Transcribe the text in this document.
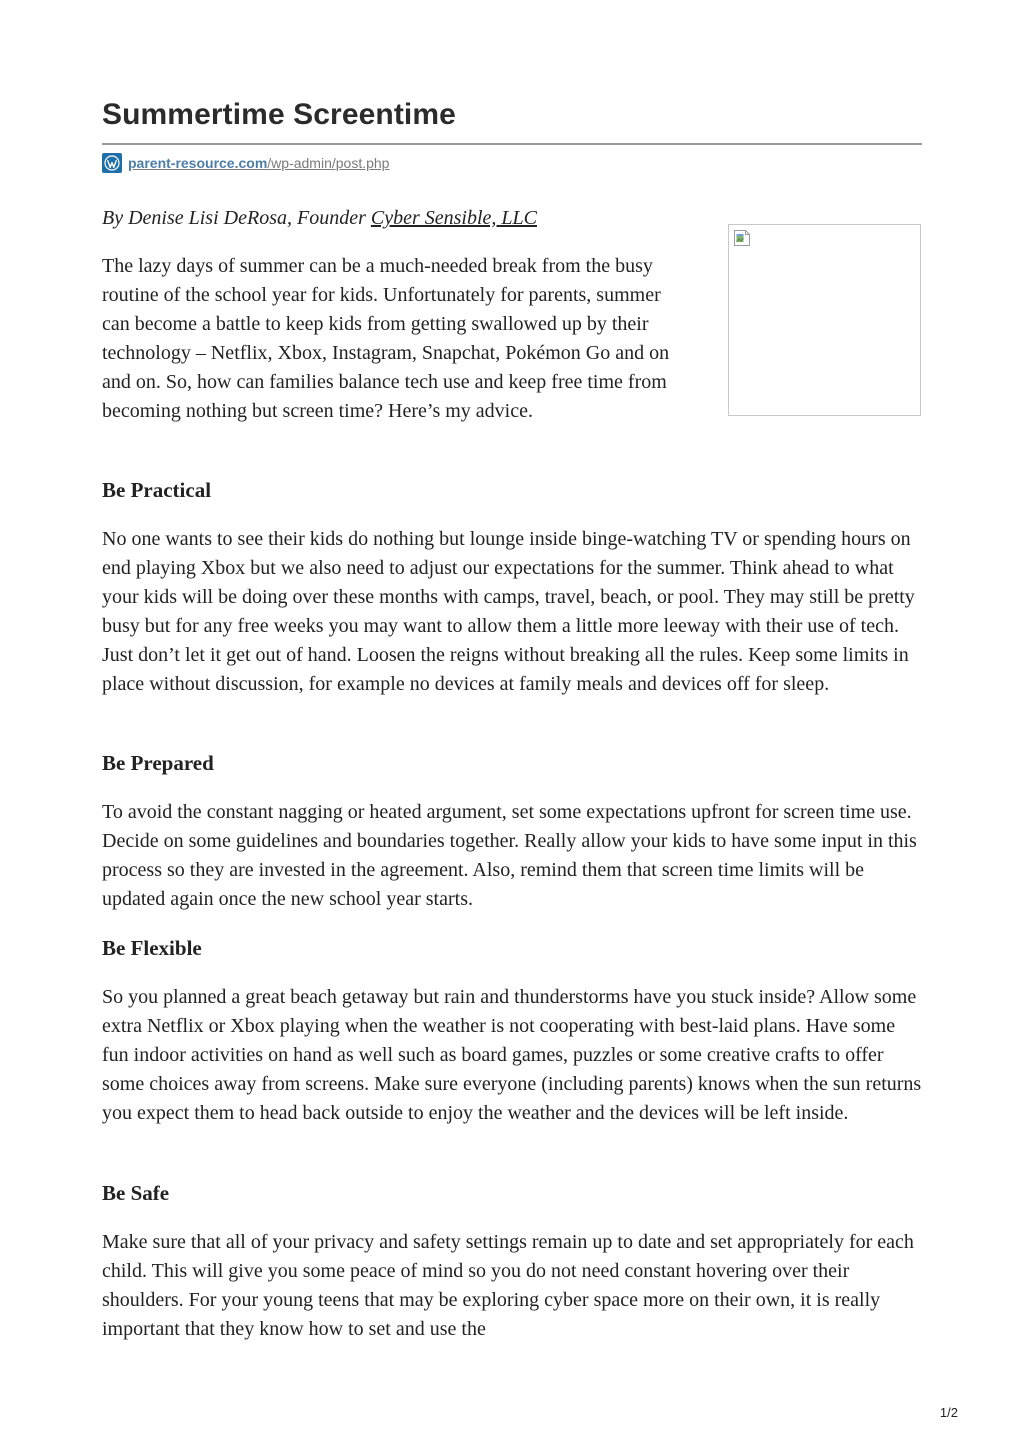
Summertime Screentime
parent-resource.com/wp-admin/post.php

By Denise Lisi DeRosa, Founder Cyber Sensible, LLC

The lazy days of summer can be a much-needed break from the busy routine of the school year for kids. Unfortunately for parents, summer can become a battle to keep kids from getting swallowed up by their technology – Netflix, Xbox, Instagram, Snapchat, Pokémon Go and on and on. So, how can families balance tech use and keep free time from becoming nothing but screen time? Here’s my advice.

Be Practical

No one wants to see their kids do nothing but lounge inside binge-watching TV or spending hours on end playing Xbox but we also need to adjust our expectations for the summer. Think ahead to what your kids will be doing over these months with camps, travel, beach, or pool. They may still be pretty busy but for any free weeks you may want to allow them a little more leeway with their use of tech. Just don’t let it get out of hand. Loosen the reigns without breaking all the rules. Keep some limits in place without discussion, for example no devices at family meals and devices off for sleep.

Be Prepared

To avoid the constant nagging or heated argument, set some expectations upfront for screen time use. Decide on some guidelines and boundaries together. Really allow your kids to have some input in this process so they are invested in the agreement. Also, remind them that screen time limits will be updated again once the new school year starts.

Be Flexible

So you planned a great beach getaway but rain and thunderstorms have you stuck inside? Allow some extra Netflix or Xbox playing when the weather is not cooperating with best-laid plans. Have some fun indoor activities on hand as well such as board games, puzzles or some creative crafts to offer some choices away from screens. Make sure everyone (including parents) knows when the sun returns you expect them to head back outside to enjoy the weather and the devices will be left inside.

Be Safe

Make sure that all of your privacy and safety settings remain up to date and set appropriately for each child. This will give you some peace of mind so you do not need constant hovering over their shoulders. For your young teens that may be exploring cyber space more on their own, it is really important that they know how to set and use the

1/2
